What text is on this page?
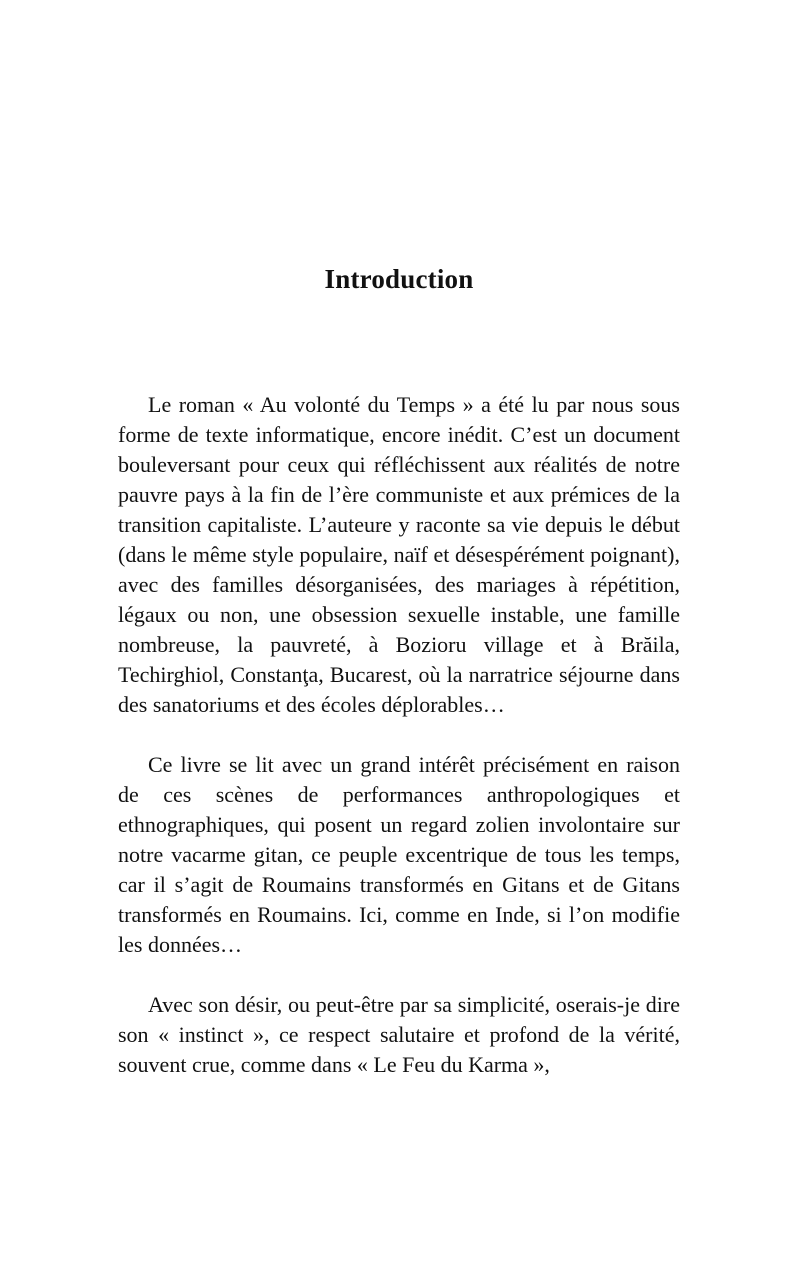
Introduction

Le roman « Au volonté du Temps » a été lu par nous sous forme de texte informatique, encore inédit. C’est un document bouleversant pour ceux qui réfléchissent aux réalités de notre pauvre pays à la fin de l’ère communiste et aux prémices de la transition capitaliste. L’auteure y raconte sa vie depuis le début (dans le même style populaire, naïf et désespérément poignant), avec des familles désorganisées, des mariages à répétition, légaux ou non, une obsession sexuelle instable, une famille nombreuse, la pauvreté, à Bozioru village et à Brăila, Techirghiol, Constanţa, Bucarest, où la narratrice séjourne dans des sanatoriums et des écoles déplorables…

Ce livre se lit avec un grand intérêt précisément en raison de ces scènes de performances anthropologiques et ethnographiques, qui posent un regard zolien involontaire sur notre vacarme gitan, ce peuple excentrique de tous les temps, car il s’agit de Roumains transformés en Gitans et de Gitans transformés en Roumains. Ici, comme en Inde, si l’on modifie les données…

Avec son désir, ou peut-être par sa simplicité, oserais-je dire son « instinct », ce respect salutaire et profond de la vérité, souvent crue, comme dans « Le Feu du Karma »,
